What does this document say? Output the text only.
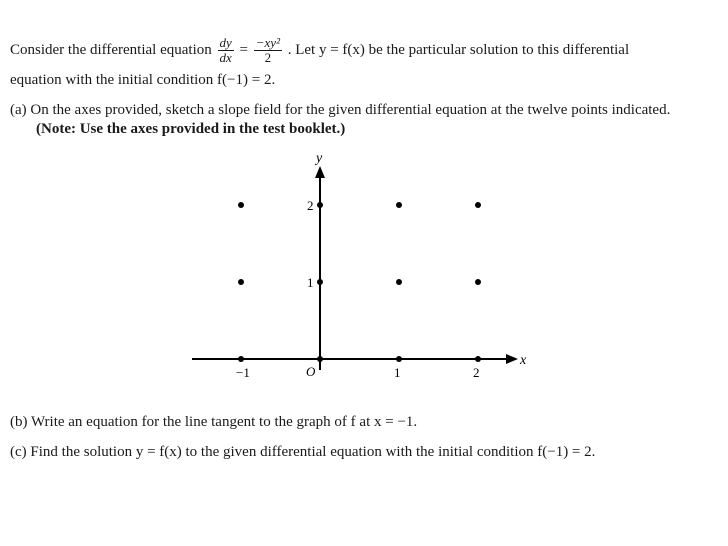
Consider the differential equation $\frac{dy}{dx} = \frac{\text{−xy²}}{2}$ . Let y = f(x) be the particular solution to this differential
equation with the initial condition f(−1) = 2.
(a) On the axes provided, sketch a slope field for the given differential equation at the twelve points indicated.
(Note: Use the axes provided in the test booklet.)
y
x
O
−1	1	2
1
2
(b) Write an equation for the line tangent to the graph of f at x = −1.
(c) Find the solution y = f(x) to the given differential equation with the initial condition f(−1) = 2.
